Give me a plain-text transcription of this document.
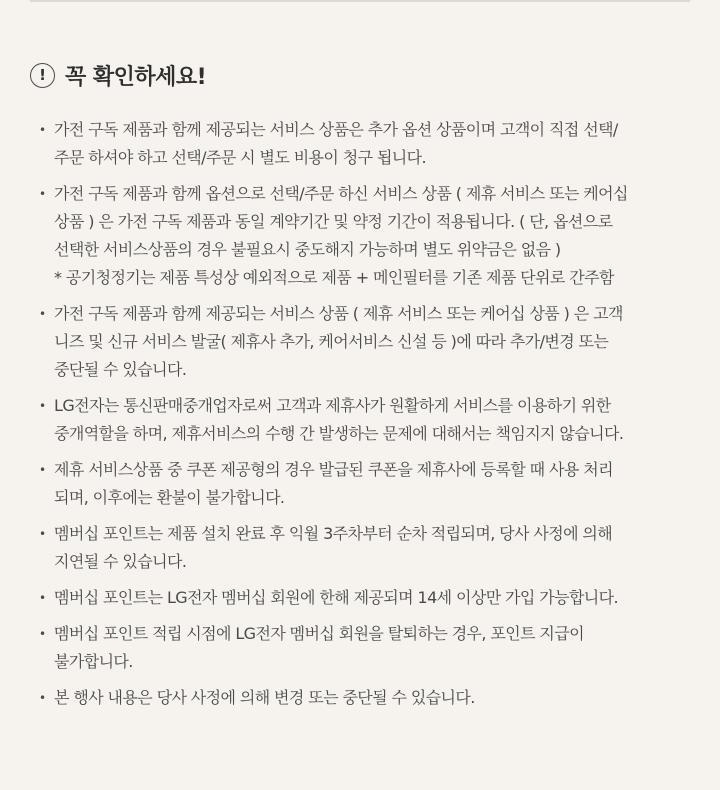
! 꼭 확인하세요!
• 가전 구독 제품과 함께 제공되는 서비스 상품은 추가 옵션 상품이며 고객이 직접 선택/
주문 하셔야 하고 선택/주문 시 별도 비용이 청구 됩니다.
• 가전 구독 제품과 함께 옵션으로 선택/주문 하신 서비스 상품 ( 제휴 서비스 또는 케어십
상품 ) 은 가전 구독 제품과 동일 계약기간 및 약정 기간이 적용됩니다. ( 단, 옵션으로
선택한 서비스상품의 경우 불필요시 중도해지 가능하며 별도 위약금은 없음 )
* 공기청정기는 제품 특성상 예외적으로 제품 + 메인필터를 기존 제품 단위로 간주함
• 가전 구독 제품과 함께 제공되는 서비스 상품 ( 제휴 서비스 또는 케어십 상품 ) 은 고객
니즈 및 신규 서비스 발굴( 제휴사 추가, 케어서비스 신설 등 )에 따라 추가/변경 또는
중단될 수 있습니다.
• LG전자는 통신판매중개업자로써 고객과 제휴사가 원활하게 서비스를 이용하기 위한
중개역할을 하며, 제휴서비스의 수행 간 발생하는 문제에 대해서는 책임지지 않습니다.
• 제휴 서비스상품 중 쿠폰 제공형의 경우 발급된 쿠폰을 제휴사에 등록할 때 사용 처리
되며, 이후에는 환불이 불가합니다.
• 멤버십 포인트는 제품 설치 완료 후 익월 3주차부터 순차 적립되며, 당사 사정에 의해
지연될 수 있습니다.
• 멤버십 포인트는 LG전자 멤버십 회원에 한해 제공되며 14세 이상만 가입 가능합니다.
• 멤버십 포인트 적립 시점에 LG전자 멤버십 회원을 탈퇴하는 경우, 포인트 지급이
불가합니다.
• 본 행사 내용은 당사 사정에 의해 변경 또는 중단될 수 있습니다.
